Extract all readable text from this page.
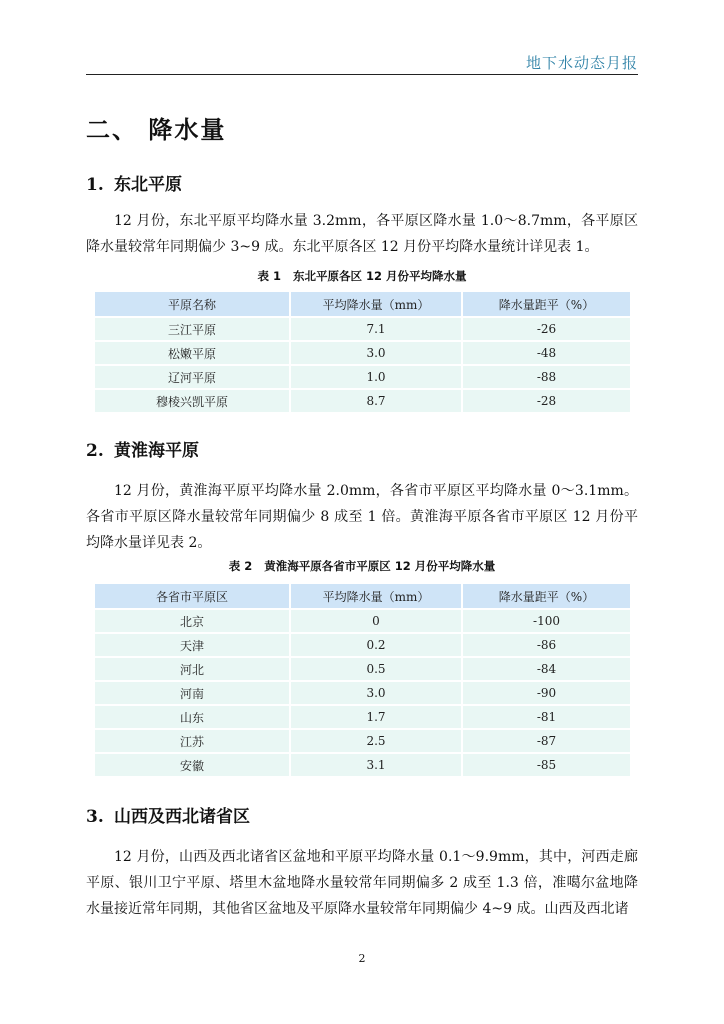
地下水动态月报
二、 降水量
1. 东北平原
12 月份，东北平原平均降水量 3.2mm，各平原区降水量 1.0～8.7mm，各平原区降水量较常年同期偏少 3~9 成。东北平原各区 12 月份平均降水量统计详见表 1。
表 1 东北平原各区 12 月份平均降水量
平原名称	平均降水量（mm）	降水量距平（%）
三江平原	7.1	-26
松嫩平原	3.0	-48
辽河平原	1.0	-88
穆棱兴凯平原	8.7	-28
2. 黄淮海平原
12 月份，黄淮海平原平均降水量 2.0mm，各省市平原区平均降水量 0～3.1mm。各省市平原区降水量较常年同期偏少 8 成至 1 倍。黄淮海平原各省市平原区 12 月份平均降水量详见表 2。
表 2 黄淮海平原各省市平原区 12 月份平均降水量
各省市平原区	平均降水量（mm）	降水量距平（%）
北京	0	-100
天津	0.2	-86
河北	0.5	-84
河南	3.0	-90
山东	1.7	-81
江苏	2.5	-87
安徽	3.1	-85
3. 山西及西北诸省区
12 月份，山西及西北诸省区盆地和平原平均降水量 0.1～9.9mm，其中，河西走廊平原、银川卫宁平原、塔里木盆地降水量较常年同期偏多 2 成至 1.3 倍，准噶尔盆地降水量接近常年同期，其他省区盆地及平原降水量较常年同期偏少 4~9 成。山西及西北诸
2
